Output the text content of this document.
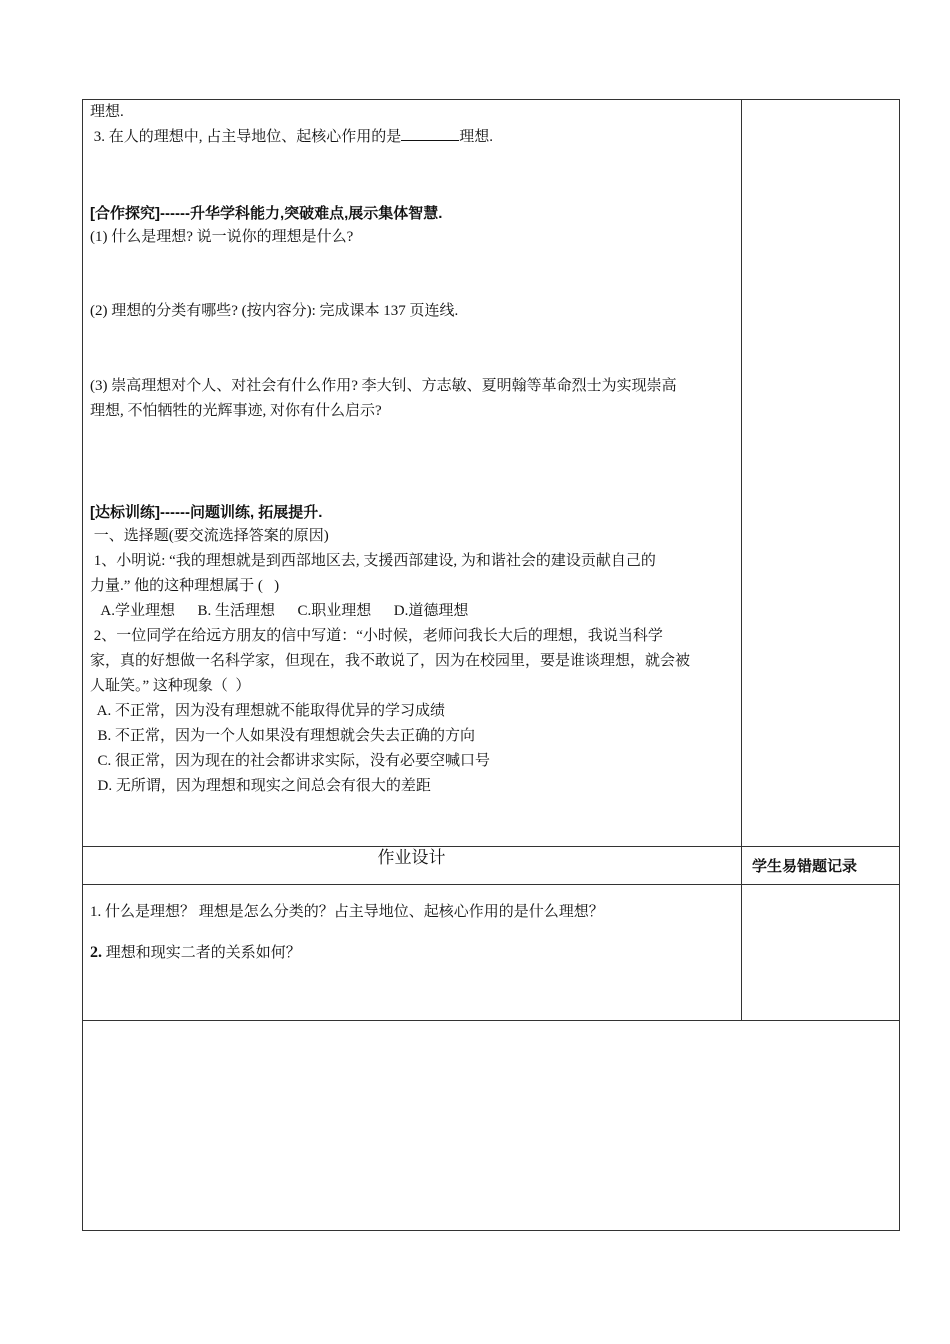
理想.
3. 在人的理想中, 占主导地位、起核心作用的是	理想.
[合作探究]------升华学科能力,突破难点,展示集体智慧.
(1) 什么是理想? 说一说你的理想是什么?
(2) 理想的分类有哪些? (按内容分): 完成课本 137 页连线.
(3) 崇高理想对个人、对社会有什么作用? 李大钊、方志敏、夏明翰等革命烈士为实现崇高
理想, 不怕牺牲的光辉事迹, 对你有什么启示?
[达标训练]------问题训练, 拓展提升.
一、选择题(要交流选择答案的原因)
1、小明说: “我的理想就是到西部地区去, 支援西部建设, 为和谐社会的建设贡献自己的
力量.” 他的这种理想属于 (   )
A.学业理想      B. 生活理想      C.职业理想      D.道德理想
2、一位同学在给远方朋友的信中写道：“小时候，老师问我长大后的理想，我说当科学
家，真的好想做一名科学家，但现在，我不敢说了，因为在校园里，要是谁谈理想，就会被
人耻笑。” 这种现象（  ）
A. 不正常，因为没有理想就不能取得优异的学习成绩
B. 不正常，因为一个人如果没有理想就会失去正确的方向
C. 很正常，因为现在的社会都讲求实际，没有必要空喊口号
D. 无所谓，因为理想和现实之间总会有很大的差距
作业设计	学生易错题记录
1. 什么是理想？ 理想是怎么分类的？占主导地位、起核心作用的是什么理想？
2. 理想和现实二者的关系如何？
